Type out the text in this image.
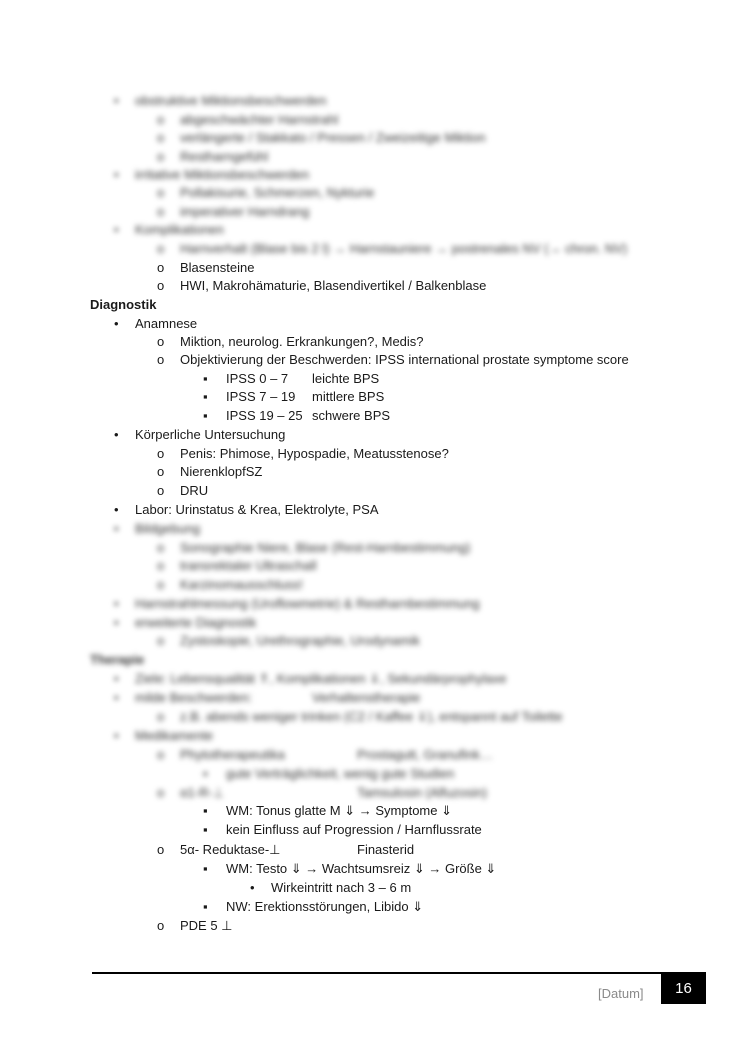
• obstruktive Miktionsbeschwerden
o abgeschwächter Harnstrahl
o verlängerte / Stakkato / Pressen / Zweizeitige Miktion
o Restharngefühl
• irritative Miktionsbeschwerden
o Pollakisurie, Schmerzen, Nykturie
o imperativer Harndrang
• Komplikationen
o Harnverhalt (Blase bis 2 l) → Harnstauniere → postrenales NV (→ chron. NV)
o Blasensteine
o HWI, Makrohämaturie, Blasendivertikel / Balkenblase
Diagnostik
• Anamnese
o Miktion, neurolog. Erkrankungen?, Medis?
o Objektivierung der Beschwerden: IPSS international prostate symptome score
▪ IPSS 0 – 7 leichte BPS
▪ IPSS 7 – 19 mittlere BPS
▪ IPSS 19 – 25 schwere BPS
• Körperliche Untersuchung
o Penis: Phimose, Hypospadie, Meatusstenose?
o NierenklopfSZ
o DRU
• Labor: Urinstatus & Krea, Elektrolyte, PSA
• Bildgebung
o Sonographie Niere, Blase (Rest-Harnbestimmung)
o transrektaler Ultraschall
o Karzinomausschluss!
• Harnstrahlmessung (Uroflowmetrie) & Restharnbestimmung
• erweiterte Diagnostik
o Zystoskopie, Urethrographie, Urodynamik
Therapie
• Ziele: Lebensqualität ⇑, Komplikationen ⇓, Sekundärprophylaxe
• milde Beschwerden:	Verhaltenstherapie
o z.B. abends weniger trinken (C2 / Kaffee ⇓), entspannt auf Toilette
• Medikamente
o Phytotherapeutika	Prostagutt, Granufink…
▪ gute Verträglichkeit, wenig gute Studien
o α1-R-⊥	Tamsulosin (Alfuzosin)
▪ WM: Tonus glatte M ⇓ → Symptome ⇓
▪ kein Einfluss auf Progression / Harnflussrate
o 5α- Reduktase-⊥	Finasterid
▪ WM: Testo ⇓ → Wachtsumsreiz ⇓ → Größe ⇓
• Wirkeintritt nach 3 – 6 m
▪ NW: Erektionsstörungen, Libido ⇓
o PDE 5 ⊥
[Datum]	16
